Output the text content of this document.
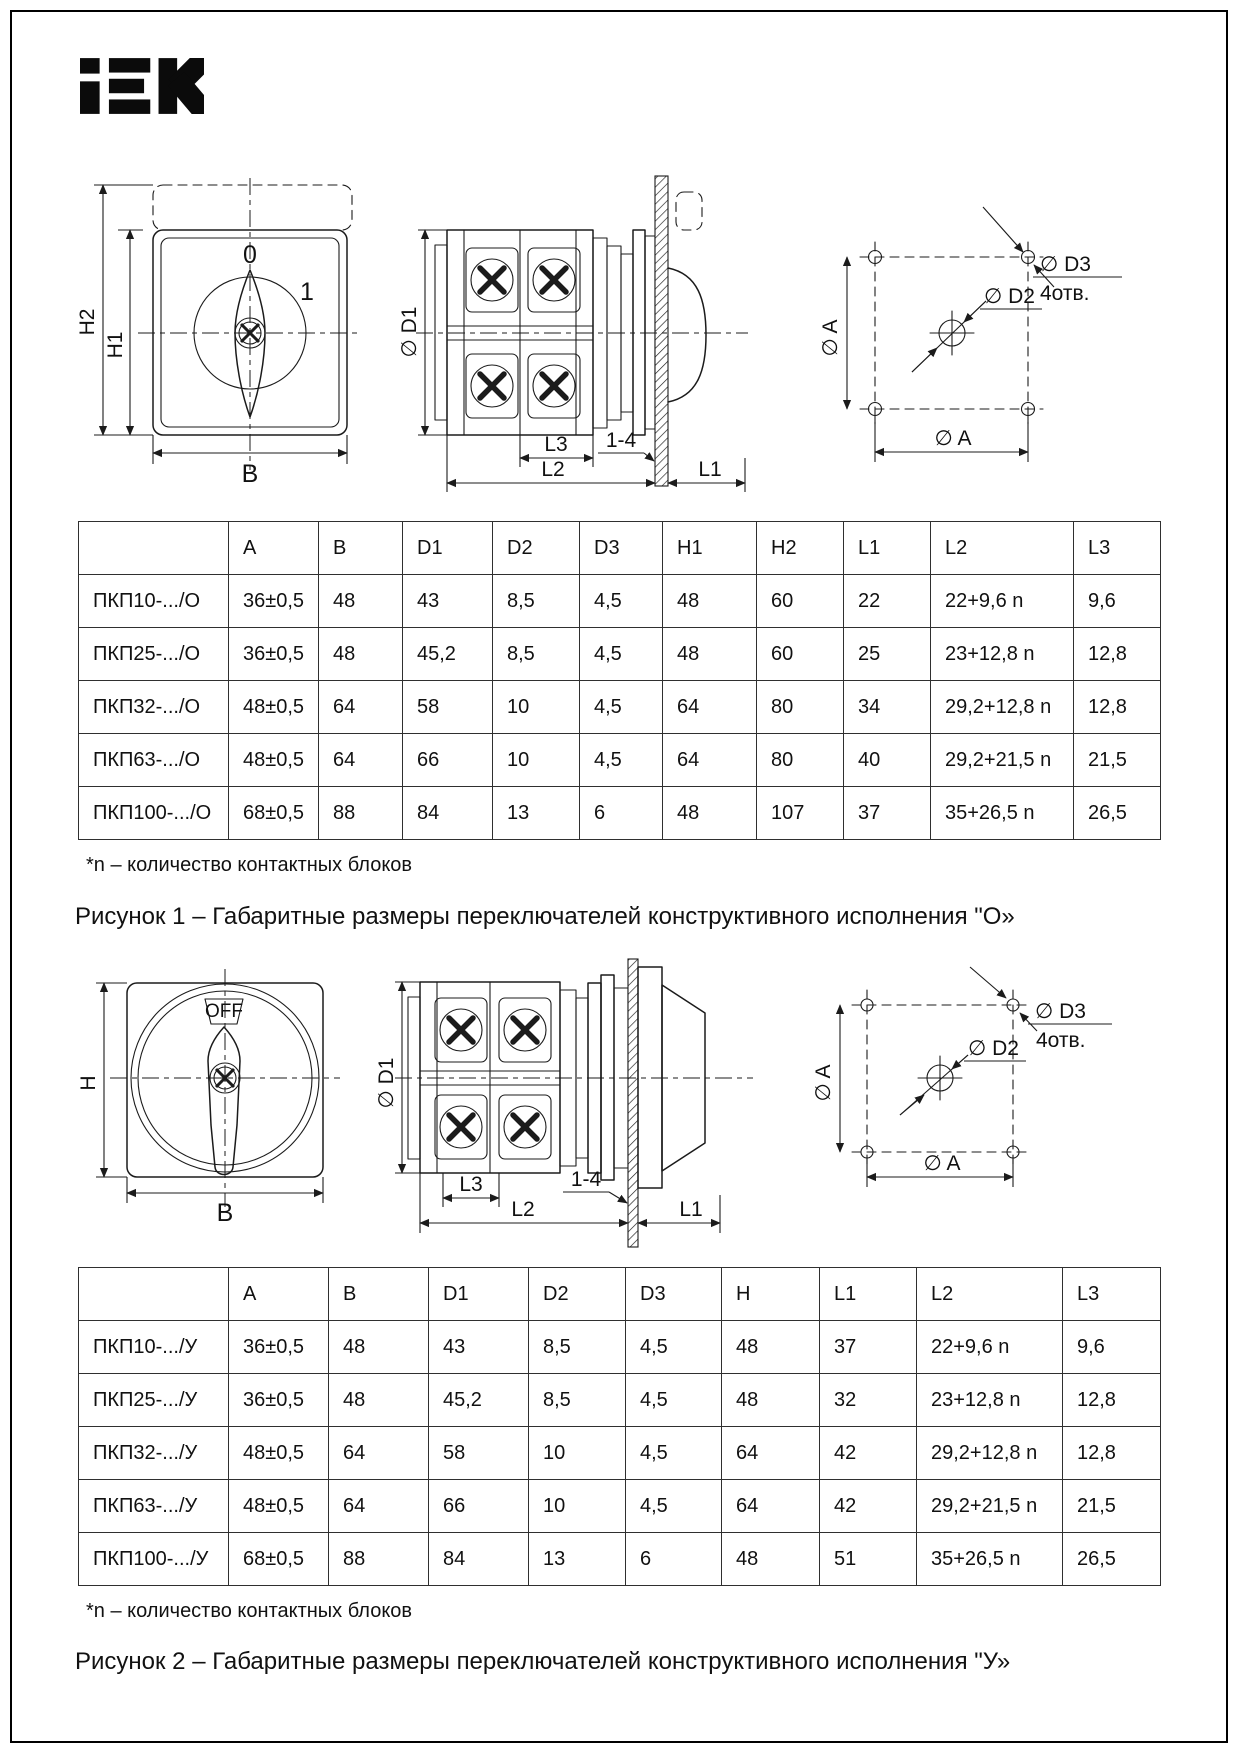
H2
H1
B
0
1
∅ D1
L3
L2
1-4
L1
∅ A
∅ A
∅ D2
∅ D3
4отв.
	A	B	D1	D2	D3	H1	H2	L1	L2	L3
ПКП10-.../О	36±0,5	48	43	8,5	4,5	48	60	22	22+9,6 n	9,6
ПКП25-.../О	36±0,5	48	45,2	8,5	4,5	48	60	25	23+12,8 n	12,8
ПКП32-.../О	48±0,5	64	58	10	4,5	64	80	34	29,2+12,8 n	12,8
ПКП63-.../О	48±0,5	64	66	10	4,5	64	80	40	29,2+21,5 n	21,5
ПКП100-.../О	68±0,5	88	84	13	6	48	107	37	35+26,5 n	26,5
*n – количество контактных блоков
Рисунок 1 – Габаритные размеры переключателей конструктивного исполнения "О»
OFF
H
B
∅ D1
L3
L2
1-4
L1
∅ A
∅ A
∅ D2
∅ D3
4отв.
	A	B	D1	D2	D3	H	L1	L2	L3
ПКП10-.../У	36±0,5	48	43	8,5	4,5	48	37	22+9,6 n	9,6
ПКП25-.../У	36±0,5	48	45,2	8,5	4,5	48	32	23+12,8 n	12,8
ПКП32-.../У	48±0,5	64	58	10	4,5	64	42	29,2+12,8 n	12,8
ПКП63-.../У	48±0,5	64	66	10	4,5	64	42	29,2+21,5 n	21,5
ПКП100-.../У	68±0,5	88	84	13	6	48	51	35+26,5 n	26,5
*n – количество контактных блоков
Рисунок 2 – Габаритные размеры переключателей конструктивного исполнения "У»
